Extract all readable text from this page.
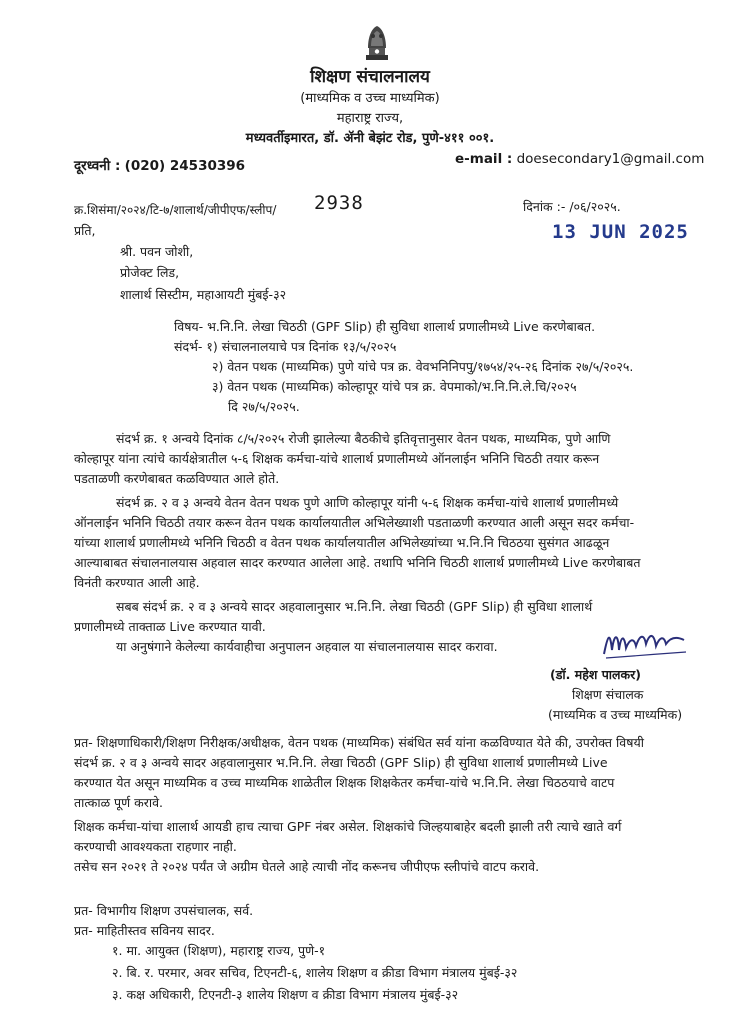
शिक्षण संचालनालय
(माध्यमिक व उच्च माध्यमिक)
महाराष्ट्र राज्य,
मध्यवर्तीइमारत, डॉ. ॲनी बेझंट रोड, पुणे-४११ ००१.
दूरध्वनी : (020) 24530396	e-mail : doesecondary1@gmail.com
क्र.शिसंमा/२०२४/टि-७/शालार्थ/जीपीएफ/स्लीप/ 2938	दिनांक :- /०६/२०२५.
13 JUN 2025
प्रति,
श्री. पवन जोशी,
प्रोजेक्ट लिड,
शालार्थ सिस्टीम, महाआयटी मुंबई-३२
विषय- भ.नि.नि. लेखा चिठठी (GPF Slip) ही सुविधा शालार्थ प्रणालीमध्ये Live करणेबाबत.
संदर्भ- १) संचालनालयाचे पत्र दिनांक १३/५/२०२५
२) वेतन पथक (माध्यमिक) पुणे यांचे पत्र क्र. वेवभनिनिपपु/१७५४/२५-२६ दिनांक २७/५/२०२५.
३) वेतन पथक (माध्यमिक) कोल्हापूर यांचे पत्र क्र. वेपमाको/भ.नि.नि.ले.चि/२०२५
दि २७/५/२०२५.
संदर्भ क्र. १ अन्वये दिनांक ८/५/२०२५ रोजी झालेल्या बैठकीचे इतिवृत्तानुसार वेतन पथक, माध्यमिक, पुणे आणि
कोल्हापूर यांना त्यांचे कार्यक्षेत्रातील ५-६ शिक्षक कर्मचा-यांचे शालार्थ प्रणालीमध्ये ऑनलाईन भनिनि चिठठी तयार करून
पडताळणी करणेबाबत कळविण्यात आले होते.
संदर्भ क्र. २ व ३ अन्वये वेतन वेतन पथक पुणे आणि कोल्हापूर यांनी ५-६ शिक्षक कर्मचा-यांचे शालार्थ प्रणालीमध्ये
ऑनलाईन भनिनि चिठठी तयार करून वेतन पथक कार्यालयातील अभिलेख्याशी पडताळणी करण्यात आली असून सदर कर्मचा-
यांच्या शालार्थ प्रणालीमध्ये भनिनि चिठठी व वेतन पथक कार्यालयातील अभिलेख्यांच्या भ.नि.नि चिठठया सुसंगत आढळून
आल्याबाबत संचालनालयास अहवाल सादर करण्यात आलेला आहे. तथापि भनिनि चिठठी शालार्थ प्रणालीमध्ये Live करणेबाबत
विनंती करण्यात आली आहे.
सबब संदर्भ क्र. २ व ३ अन्वये सादर अहवालानुसार भ.नि.नि. लेखा चिठठी (GPF Slip) ही सुविधा शालार्थ
प्रणालीमध्ये ताक्ताळ Live करण्यात यावी.
या अनुषंगाने केलेल्या कार्यवाहीचा अनुपालन अहवाल या संचालनालयास सादर करावा.
(डॉ. महेश पालकर)
शिक्षण संचालक
(माध्यमिक व उच्च माध्यमिक)
प्रत- शिक्षणाधिकारी/शिक्षण निरीक्षक/अधीक्षक, वेतन पथक (माध्यमिक) संबंधित सर्व यांना कळविण्यात येते की, उपरोक्त विषयी
संदर्भ क्र. २ व ३ अन्वये सादर अहवालानुसार भ.नि.नि. लेखा चिठठी (GPF Slip) ही सुविधा शालार्थ प्रणालीमध्ये Live
करण्यात येत असून माध्यमिक व उच्च माध्यमिक शाळेतील शिक्षक शिक्षकेतर कर्मचा-यांचे भ.नि.नि. लेखा चिठठयाचे वाटप
तात्काळ पूर्ण करावे.
शिक्षक कर्मचा-यांचा शालार्थ आयडी हाच त्याचा GPF नंबर असेल. शिक्षकांचे जिल्हयाबाहेर बदली झाली तरी त्याचे खाते वर्ग
करण्याची आवश्यकता राहणार नाही.
तसेच सन २०२१ ते २०२४ पर्यंत जे अग्रीम घेतले आहे त्याची नोंद करूनच जीपीएफ स्लीपांचे वाटप करावे.
प्रत- विभागीय शिक्षण उपसंचालक, सर्व.
प्रत- माहितीस्तव सविनय सादर.
१. मा. आयुक्त (शिक्षण), महाराष्ट्र राज्य, पुणे-१
२. बि. र. परमार, अवर सचिव, टिएनटी-६, शालेय शिक्षण व क्रीडा विभाग मंत्रालय मुंबई-३२
३. कक्ष अधिकारी, टिएनटी-३ शालेय शिक्षण व क्रीडा विभाग मंत्रालय मुंबई-३२
